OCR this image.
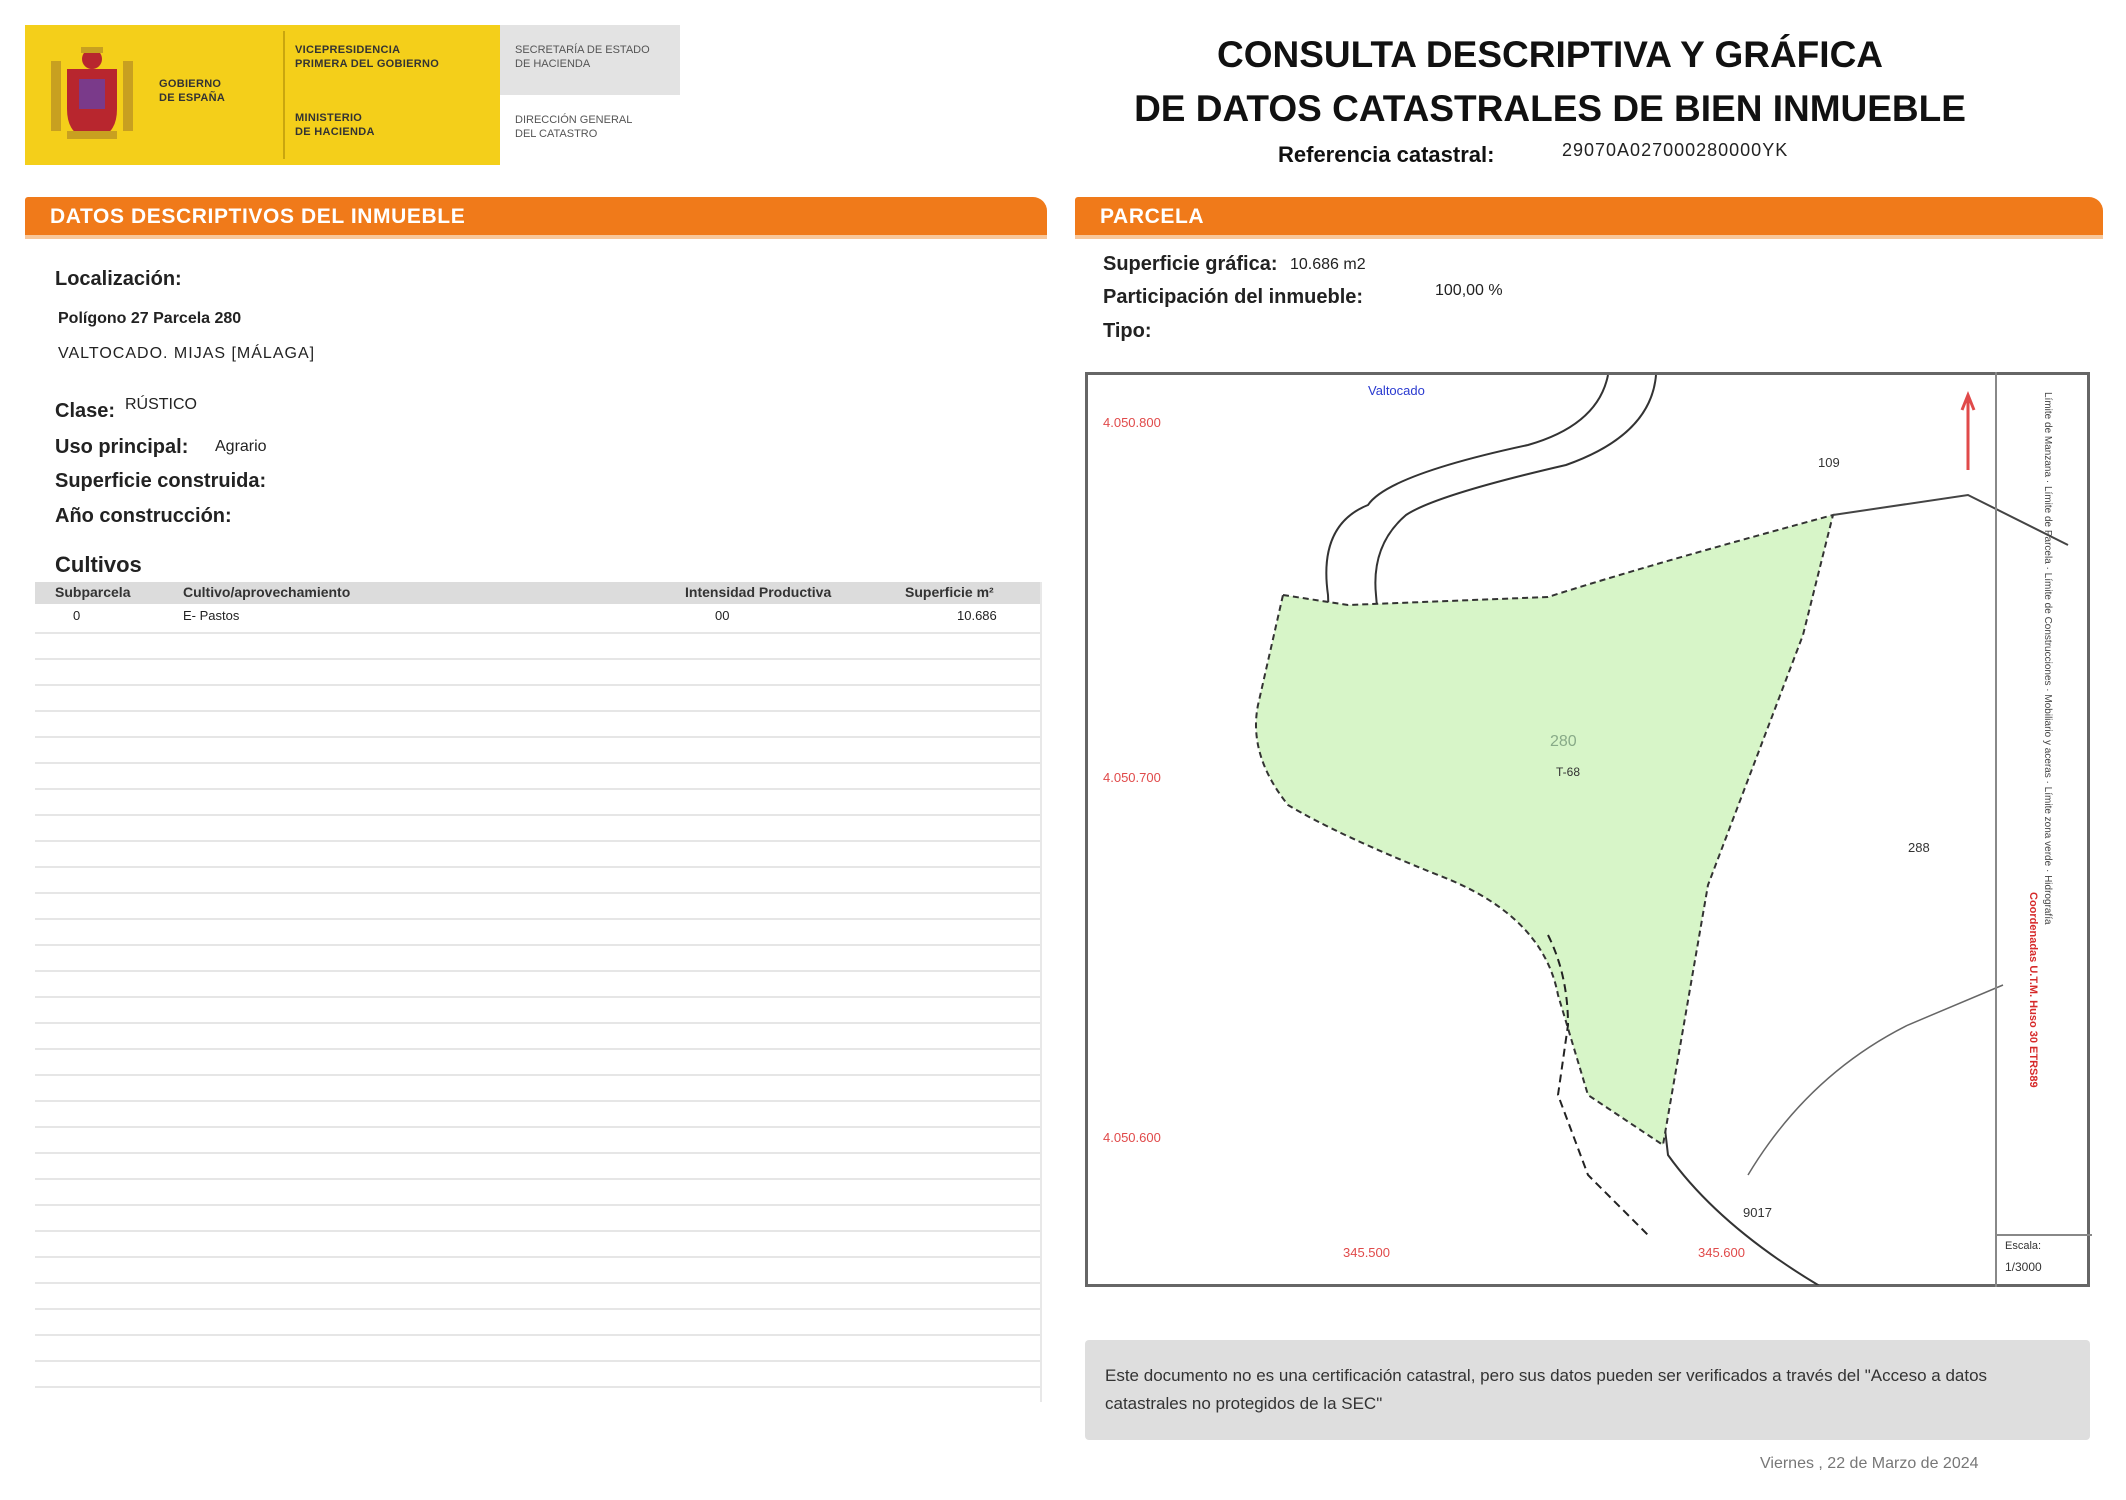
GOBIERNO
DE ESPAÑA
VICEPRESIDENCIA
PRIMERA DEL GOBIERNO
MINISTERIO
DE HACIENDA
SECRETARÍA DE ESTADO
DE HACIENDA
DIRECCIÓN GENERAL
DEL CATASTRO
CONSULTA DESCRIPTIVA Y GRÁFICA
DE DATOS CATASTRALES DE BIEN INMUEBLE
Referencia catastral:	29070A027000280000YK
DATOS DESCRIPTIVOS DEL INMUEBLE
Localización:
Polígono 27 Parcela 280
VALTOCADO. MIJAS [MÁLAGA]
Clase: RÚSTICO
Uso principal: Agrario
Superficie construida:
Año construcción:
Cultivos
Subparcela	Cultivo/aprovechamiento	Intensidad Productiva	Superficie m²
0	E- Pastos	00	10.686
PARCELA
Superficie gráfica: 10.686 m2
Participación del inmueble:	100,00 %
Tipo:
Valtocado
4.050.800
4.050.700
4.050.600
345.500	345.600
280
T-68
109
288
9017
Límite de Manzana · Límite de Parcela · Límite de Construcciones · Mobiliario y aceras · Límite zona verde · Hidrografía
Coordenadas U.T.M. Huso 30 ETRS89
Escala:
1/3000
Este documento no es una certificación catastral, pero sus datos pueden ser verificados a través del "Acceso a datos catastrales no protegidos de la SEC"
Viernes , 22 de Marzo de 2024
